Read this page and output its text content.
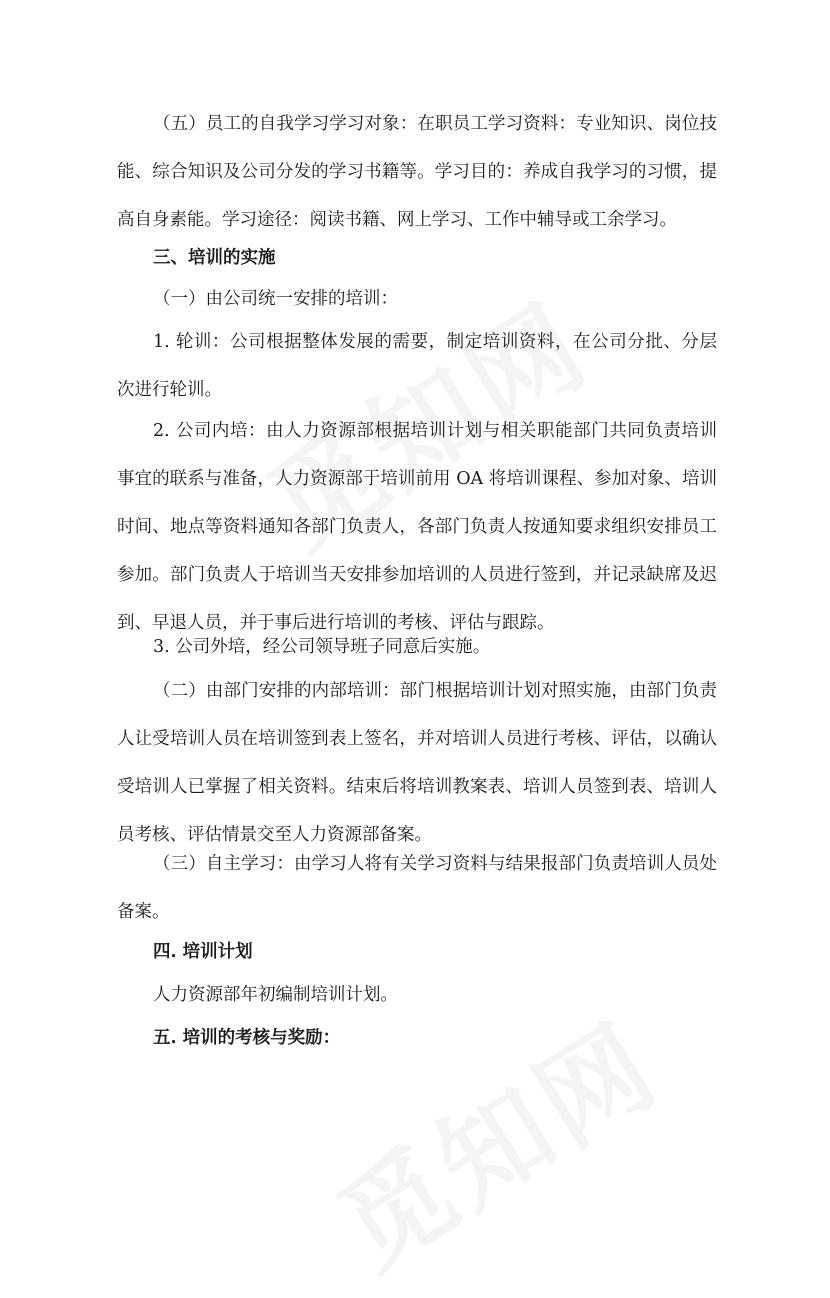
（五）员工的自我学习学习对象：在职员工学习资料：专业知识、岗位技能、综合知识及公司分发的学习书籍等。学习目的：养成自我学习的习惯，提高自身素能。学习途径：阅读书籍、网上学习、工作中辅导或工余学习。

三、培训的实施

（一）由公司统一安排的培训：

1. 轮训：公司根据整体发展的需要，制定培训资料，在公司分批、分层次进行轮训。

2. 公司内培：由人力资源部根据培训计划与相关职能部门共同负责培训事宜的联系与准备，人力资源部于培训前用 OA 将培训课程、参加对象、培训时间、地点等资料通知各部门负责人，各部门负责人按通知要求组织安排员工参加。部门负责人于培训当天安排参加培训的人员进行签到，并记录缺席及迟到、早退人员，并于事后进行培训的考核、评估与跟踪。

3. 公司外培，经公司领导班子同意后实施。

（二）由部门安排的内部培训：部门根据培训计划对照实施，由部门负责人让受培训人员在培训签到表上签名，并对培训人员进行考核、评估，以确认受培训人已掌握了相关资料。结束后将培训教案表、培训人员签到表、培训人员考核、评估情景交至人力资源部备案。

（三）自主学习：由学习人将有关学习资料与结果报部门负责培训人员处备案。

四. 培训计划

人力资源部年初编制培训计划。

五. 培训的考核与奖励：
